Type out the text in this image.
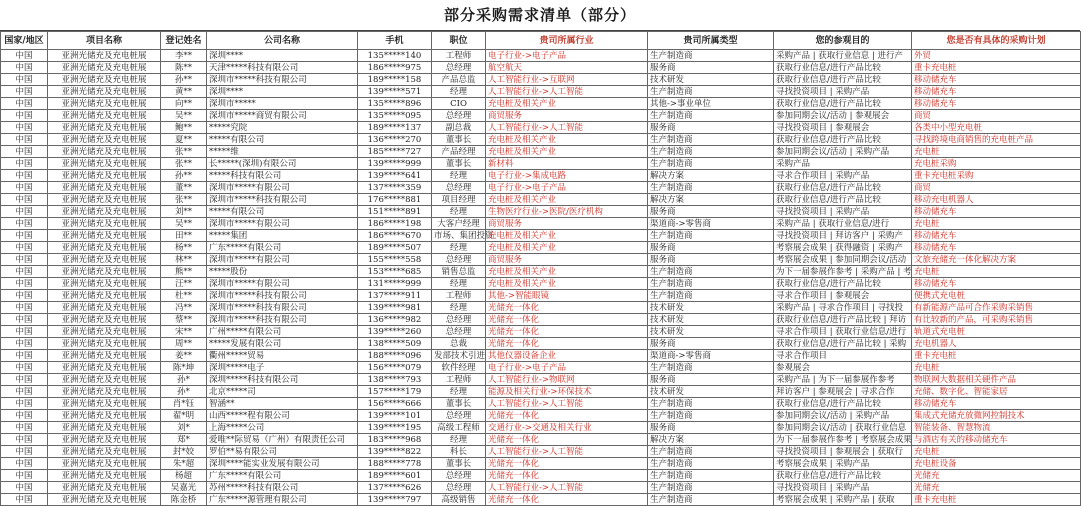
部分采购需求清单（部分）
国家/地区	项目名称	登记姓名	公司名称	手机	职位	贵司所属行业	贵司所属类型	您的参观目的	您是否有具体的采购计划
中国	亚洲光储充及充电桩展	李**	深圳****	135*****140	工程师	电子行业->电子产品	生产制造商	采购产品 | 获取行业信息 | 进行产	外贸
中国	亚洲光储充及充电桩展	陈**	天津*****科技有限公司	186*****975	总经理	航空航天	服务商	获取行业信息/进行产品比较	重卡充电桩
中国	亚洲光储充及充电桩展	孙**	深圳市*****科技有限公司	189*****158	产品总监	人工智能行业->互联网	技术研发	获取行业信息/进行产品比较	移动储充车
中国	亚洲光储充及充电桩展	黄**	深圳****	139*****571	经理	人工智能行业->人工智能	生产制造商	寻找投资项目 | 采购产品	移动储充车
中国	亚洲光储充及充电桩展	向**	深圳市*****	135*****896	CIO	充电桩及相关产业	其他->事业单位	获取行业信息/进行产品比较	移动储充车
中国	亚洲光储充及充电桩展	吴**	深圳市*****商贸有限公司	135*****095	总经理	商贸服务	生产制造商	参加同期会议/活动 | 参观展会	商贸
中国	亚洲光储充及充电桩展	鲍**	*****究院	189*****137	副总裁	人工智能行业->人工智能	服务商	寻找投资项目 | 参观展会	各类中小型充电桩
中国	亚洲光储充及充电桩展	夏**	*****有限公司	136*****270	董事长	充电桩及相关产业	生产制造商	获取行业信息/进行产品比较	寻找跨境电商销售的充电桩产品
中国	亚洲光储充及充电桩展	张**	*****维	185*****727	产品经理	充电桩及相关产业	生产制造商	参加同期会议/活动 | 采购产品	充电桩
中国	亚洲光储充及充电桩展	张**	长*****(深圳)有限公司	139*****999	董事长	新材料	生产制造商	采购产品	充电桩采购
中国	亚洲光储充及充电桩展	孙**	*****科技有限公司	139*****641	经理	电子行业->集成电路	解决方案	寻求合作项目 | 采购产品	重卡充电桩采购
中国	亚洲光储充及充电桩展	董**	深圳市*****有限公司	137*****359	总经理	电子行业->电子产品	生产制造商	获取行业信息/进行产品比较	商贸
中国	亚洲光储充及充电桩展	张**	深圳市*****科技有限公司	176*****881	项目经理	充电桩及相关产业	解决方案	获取行业信息/进行产品比较	移动充电机器人
中国	亚洲光储充及充电桩展	刘**	*****有限公司	151*****891	经理	生物医疗行业->医院/医疗机构	服务商	寻找投资项目 | 采购产品	移动储充车
中国	亚洲光储充及充电桩展	吴**	深圳市*****有限公司	186*****198	大客户经理	商贸服务	渠道商->零售商	采购产品 | 获取行业信息/进行	充电桩
中国	亚洲光储充及充电桩展	田**	*****集团	186*****670	市场、集团投资	充电桩及相关产业	生产制造商	寻找投资项目 | 拜访客户 | 采购产	移动储充车
中国	亚洲光储充及充电桩展	杨**	广东*****有限公司	189*****507	经理	充电桩及相关产业	服务商	考察展会成果 | 获得融资 | 采购产	移动储充车
中国	亚洲光储充及充电桩展	林**	深圳市*****有限公司	155*****558	总经理	商贸服务	服务商	考察展会成果 | 参加同期会议/活动	文旅充储充一体化解决方案
中国	亚洲光储充及充电桩展	熊**	*****股份	153*****685	销售总监	充电桩及相关产业	生产制造商	为下一届参展作参考 | 采购产品 | 考	充电桩
中国	亚洲光储充及充电桩展	汪**	深圳市*****有限公司	131*****999	经理	充电桩及相关产业	生产制造商	获取行业信息/进行产品比较	移动储充车
中国	亚洲光储充及充电桩展	杜**	深圳市*****科技有限公司	137*****911	工程师	其他->智能眼镜	生产制造商	寻求合作项目 | 参观展会	便携式充电桩
中国	亚洲光储充及充电桩展	冯**	深圳市*****科技有限公司	139*****981	经理	光储充一体化	技术研发	采购产品 | 寻求合作项目 | 寻找投	有新能源产品可合作采购采销售
中国	亚洲光储充及充电桩展	蔡**	深圳市*****科技有限公司	136*****982	总经理	光储充一体化	技术研发	获取行业信息/进行产品比较 | 拜访	有比较新的产品，可采购采销售
中国	亚洲光储充及充电桩展	宋**	广州*****有限公司	139*****260	总经理	光储充一体化	技术研发	寻求合作项目 | 获取行业信息/进行	轨道式充电桩
中国	亚洲光储充及充电桩展	周**	*****发展有限公司	138*****509	总裁	光储充一体化	服务商	获取行业信息/进行产品比较 | 采购	充电机器人
中国	亚洲光储充及充电桩展	姜**	衢州*****贸易	188*****096	发部技术引进	其他仪器设备企业	渠道商->零售商	寻求合作项目	重卡充电桩
中国	亚洲光储充及充电桩展	陈*坤	深圳*****电子	156*****079	软件经理	电子行业->电子产品	生产制造商	参观展会	充电桩
中国	亚洲光储充及充电桩展	孙*	深圳*****科技有限公司	138*****793	工程师	人工智能行业->物联网	服务商	采购产品 | 为下一届参展作参考	物联网大数据相关硬件产品
中国	亚洲光储充及充电桩展	孙*	北京*****司	157*****179	经理	能源及相关行业->环保技术	技术研发	拜访客户 | 参观展会 | 寻求合作	充储、数字化、智能家居
中国	亚洲光储充及充电桩展	肖*钰	智涵**	156*****666	董事长	人工智能行业->人工智能	生产制造商	获取行业信息/进行产品比较	移动储充车
中国	亚洲光储充及充电桩展	翟*明	山西*****程有限公司	139*****101	总经理	光储充一体化	生产制造商	参加同期会议/活动 | 采购产品	集成式充储充放微网控制技术
中国	亚洲光储充及充电桩展	刘*	上海*****公司	139*****195	高级工程师	交通行业->交通及相关行业	服务商	参加同期会议/活动 | 获取行业信息	智能装备、智慧物流
中国	亚洲光储充及充电桩展	郑*	爱唯**际贸易（广州）有限责任公司	183*****968	经理	光储充一体化	解决方案	为下一届参展作参考 | 考察展会成果	与酒店有关的移动储充车
中国	亚洲光储充及充电桩展	封*姣	罗伯**易有限公司	139*****822	科长	人工智能行业->人工智能	生产制造商	寻找投资项目 | 参观展会 | 获取行	充电桩
中国	亚洲光储充及充电桩展	朱*超	深圳****能实业发展有限公司	188*****778	董事长	光储充一体化	生产制造商	考察展会成果 | 采购产品	充电桩设备
中国	亚洲光储充及充电桩展	杨超	广东*****有限公司	189*****601	总经理	光储充一体化	生产制造商	获取行业信息/进行产品比较	光储充
中国	亚洲光储充及充电桩展	吴嘉光	苏州*****科技有限公司	137*****626	总经理	人工智能行业->人工智能	生产制造商	寻找投资项目 | 采购产品	光储充
中国	亚洲光储充及充电桩展	陈金桥	广东*****源管理有限公司	139*****797	高级销售	光储充一体化	生产制造商	考察展会成果 | 采购产品 | 获取	重卡充电桩
